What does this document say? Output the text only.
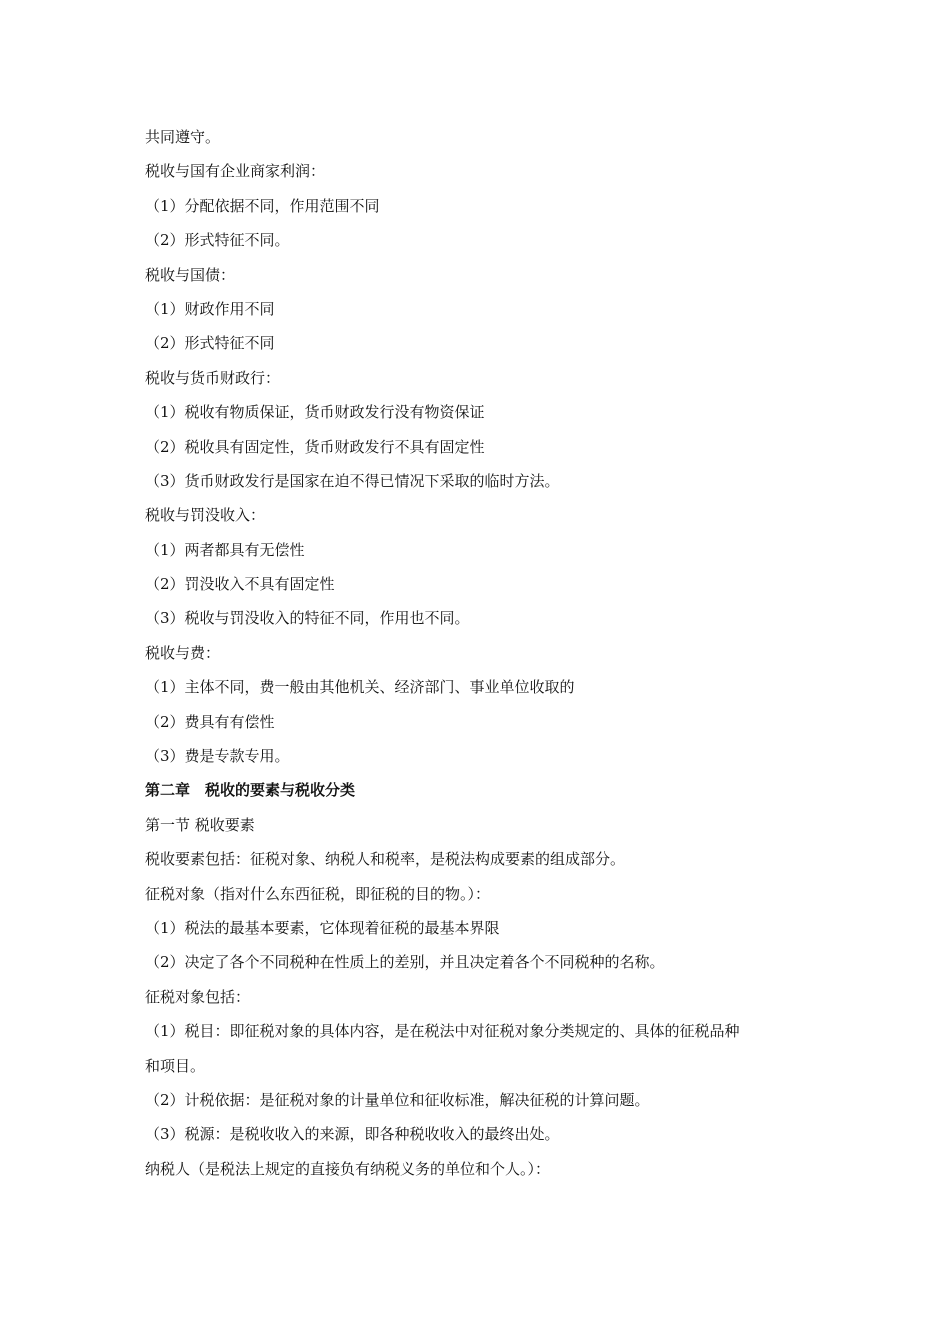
共同遵守。
税收与国有企业商家利润：
（1）分配依据不同，作用范围不同
（2）形式特征不同。
税收与国债：
（1）财政作用不同
（2）形式特征不同
税收与货币财政行：
（1）税收有物质保证，货币财政发行没有物资保证
（2）税收具有固定性，货币财政发行不具有固定性
（3）货币财政发行是国家在迫不得已情况下采取的临时方法。
税收与罚没收入：
（1）两者都具有无偿性
（2）罚没收入不具有固定性
（3）税收与罚没收入的特征不同，作用也不同。
税收与费：
（1）主体不同，费一般由其他机关、经济部门、事业单位收取的
（2）费具有有偿性
（3）费是专款专用。
第二章　税收的要素与税收分类
第一节 税收要素
税收要素包括：征税对象、纳税人和税率，是税法构成要素的组成部分。
征税对象（指对什么东西征税，即征税的目的物。）：
（1）税法的最基本要素，它体现着征税的最基本界限
（2）决定了各个不同税种在性质上的差别，并且决定着各个不同税种的名称。
征税对象包括：
（1）税目：即征税对象的具体内容，是在税法中对征税对象分类规定的、具体的征税品种
和项目。
（2）计税依据：是征税对象的计量单位和征收标准，解决征税的计算问题。
（3）税源：是税收收入的来源，即各种税收收入的最终出处。
纳税人（是税法上规定的直接负有纳税义务的单位和个人。）：
